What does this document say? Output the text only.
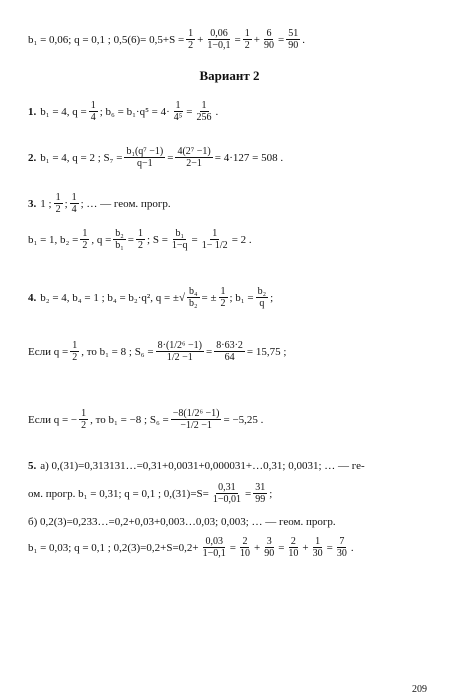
b₁ = 0,06; q = 0,1 ; $0,5(6)= 0,5+S = \frac{1}{2} + \frac{0,06}{1-0,1} = \frac{1}{2} + \frac{6}{90} = \frac{51}{90}$ .
Вариант 2
1. b₁ = 4, $q = \frac{1}{4}$ ; $b_6 = b_1\cdot q^5 = 4\cdot \frac{1}{\text{4⁵}} = \frac{1}{256}$ .
2. b₁ = 4, q = 2 ; $S_7 = \frac{\text{b₁(q⁷ −1)}}{q-1} = \frac{\text{4(2⁷ −1)}}{2-1} = 4\cdot 127 = 508$ .
3. 1 ; 1
2 ; 1
4 ; … — геом. прогр.
b₁ = 1, $b_2 = \frac{1}{2}$ , $q = \frac{\text{b₂}}{\text{b₁}} = \frac{1}{2}$ ; $S = \frac{\text{b₁}}{1-q} = \frac{1}{1- 1/2} = 2$ .
4. b₂ = 4, b₄ = 1 ; b₄ = b₂·q², q = ±√ $\frac{\text{b₄}}{\text{b₂}}$ = ± $\frac{1}{2}$ ; $b_1 = \frac{\text{b₂}}{q}$ ;
Если $q = \frac{1}{2}$ , то b₁ = 8 ; $S_6 = \frac{\text{8·(1/2⁶ −1)}}{1/2 -1} = \frac{8\cdot 63\cdot 2}{64} = 15,75$ ;
Если q = − $\frac{1}{2}$ , то b₁ = −8 ; $S_6 = \frac{\text{−8(1/2⁶ −1)}}{-1/2 -1} = -5,25$ .
5. а) 0,(31)=0,313131…=0,31+0,0031+0,000031+…0,31; 0,0031; … — ге-
ом. прогр. b₁ = 0,31; q = 0,1 ; $0,(31)=S= \frac{0,31}{1-0,01} = \frac{31}{99}$ ;
б) 0,2(3)=0,233…=0,2+0,03+0,003…0,03; 0,003; … — геом. прогр.
b₁ = 0,03; q = 0,1 ; $0,2(3)=0,2+S=0,2+ \frac{0,03}{1-0,1} = \frac{2}{10} + \frac{3}{90} = \frac{2}{10} + \frac{1}{30} = \frac{7}{30}$ .
209
